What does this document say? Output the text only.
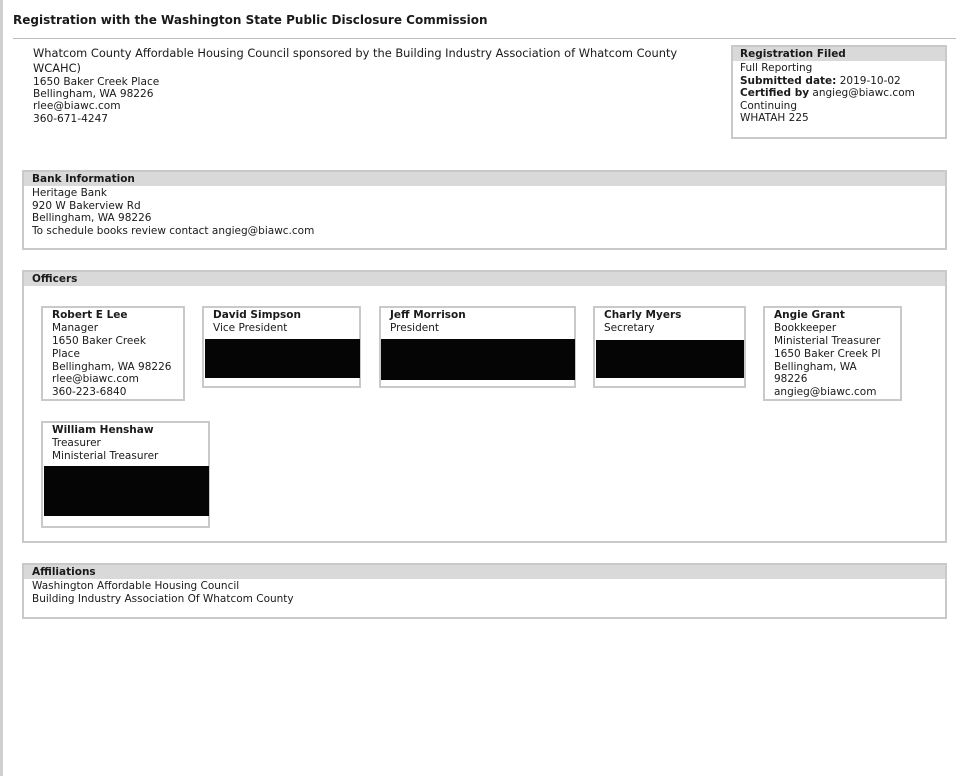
Registration with the Washington State Public Disclosure Commission
Whatcom County Affordable Housing Council sponsored by the Building Industry Association of Whatcom County WCAHC)
1650 Baker Creek Place
Bellingham, WA 98226
rlee@biawc.com
360-671-4247
Registration Filed
Full Reporting
Submitted date: 2019-10-02
Certified by angieg@biawc.com
Continuing
WHATAH 225
Bank Information
Heritage Bank
920 W Bakerview Rd
Bellingham, WA 98226
To schedule books review contact angieg@biawc.com
Officers
Robert E Lee
Manager
1650 Baker Creek Place
Bellingham, WA 98226
rlee@biawc.com
360-223-6840
David Simpson
Vice President
Jeff Morrison
President
Charly Myers
Secretary
Angie Grant
Bookkeeper
Ministerial Treasurer
1650 Baker Creek Pl
Bellingham, WA 98226
angieg@biawc.com
William Henshaw
Treasurer
Ministerial Treasurer
Affiliations
Washington Affordable Housing Council
Building Industry Association Of Whatcom County
